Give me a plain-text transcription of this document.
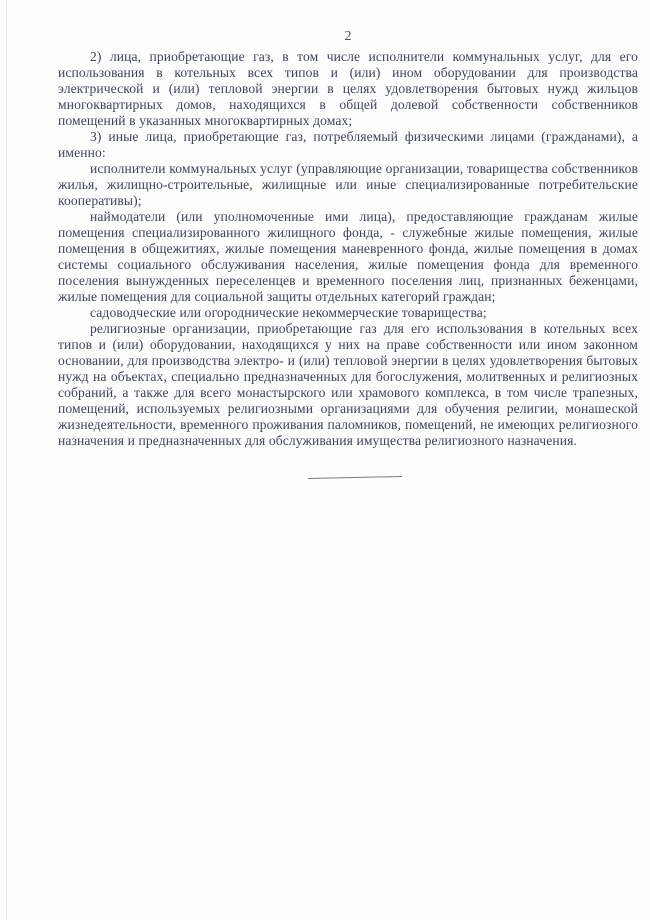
2

2) лица, приобретающие газ, в том числе исполнители коммунальных услуг, для его использования в котельных всех типов и (или) ином оборудовании для производства электрической и (или) тепловой энергии в целях удовлетворения бытовых нужд жильцов многоквартирных домов, находящихся в общей долевой собственности собственников помещений в указанных многоквартирных домах;

3) иные лица, приобретающие газ, потребляемый физическими лицами (гражданами), а именно:

исполнители коммунальных услуг (управляющие организации, товарищества собственников жилья, жилищно-строительные, жилищные или иные специализированные потребительские кооперативы);

наймодатели (или уполномоченные ими лица), предоставляющие гражданам жилые помещения специализированного жилищного фонда, - служебные жилые помещения, жилые помещения в общежитиях, жилые помещения маневренного фонда, жилые помещения в домах системы социального обслуживания населения, жилые помещения фонда для временного поселения вынужденных переселенцев и временного поселения лиц, признанных беженцами, жилые помещения для социальной защиты отдельных категорий граждан;

садоводческие или огороднические некоммерческие товарищества;

религиозные организации, приобретающие газ для его использования в котельных всех типов и (или) оборудовании, находящихся у них на праве собственности или ином законном основании, для производства электро- и (или) тепловой энергии в целях удовлетворения бытовых нужд на объектах, специально предназначенных для богослужения, молитвенных и религиозных собраний, а также для всего монастырского или храмового комплекса, в том числе трапезных, помещений, используемых религиозными организациями для обучения религии, монашеской жизнедеятельности, временного проживания паломников, помещений, не имеющих религиозного назначения и предназначенных для обслуживания имущества религиозного назначения.
